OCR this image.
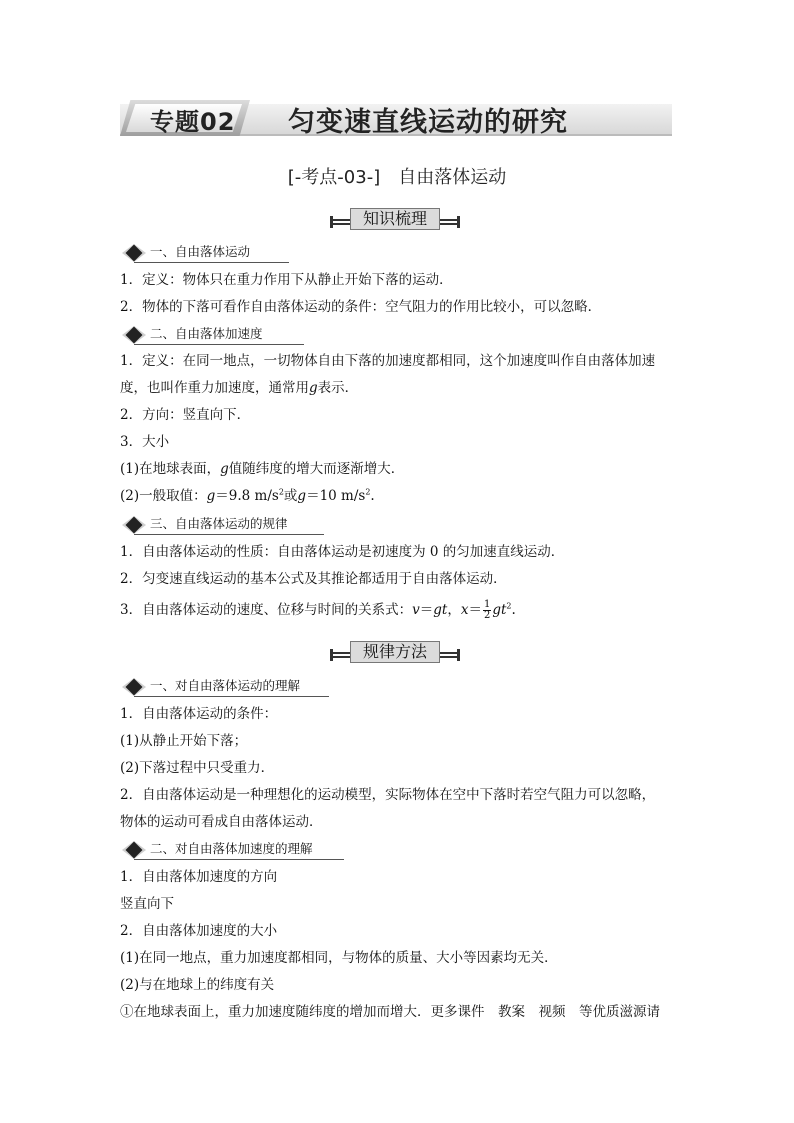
专题02 匀变速直线运动的研究
[-考点-03-]　自由落体运动
知识梳理
一、自由落体运动
1．定义：物体只在重力作用下从静止开始下落的运动．
2．物体的下落可看作自由落体运动的条件：空气阻力的作用比较小，可以忽略．
二、自由落体加速度
1．定义：在同一地点，一切物体自由下落的加速度都相同，这个加速度叫作自由落体加速
度，也叫作重力加速度，通常用g表示．
2．方向：竖直向下．
3．大小
(1)在地球表面，g值随纬度的增大而逐渐增大．
(2)一般取值：g＝9.8 $m/s^2$或g＝10 $m/s^2$.
三、自由落体运动的规律
1．自由落体运动的性质：自由落体运动是初速度为 0 的匀加速直线运动．
2．匀变速直线运动的基本公式及其推论都适用于自由落体运动．
3．自由落体运动的速度、位移与时间的关系式：v＝gt，$x= \frac{1}{2} gt^2$.
规律方法
一、对自由落体运动的理解
1．自由落体运动的条件：
(1)从静止开始下落；
(2)下落过程中只受重力．
2．自由落体运动是一种理想化的运动模型，实际物体在空中下落时若空气阻力可以忽略，
物体的运动可看成自由落体运动．
二、对自由落体加速度的理解
1．自由落体加速度的方向
竖直向下
2．自由落体加速度的大小
(1)在同一地点，重力加速度都相同，与物体的质量、大小等因素均无关．
(2)与在地球上的纬度有关
①在地球表面上，重力加速度随纬度的增加而增大．更多课件　教案　视频　等优质滋源请
